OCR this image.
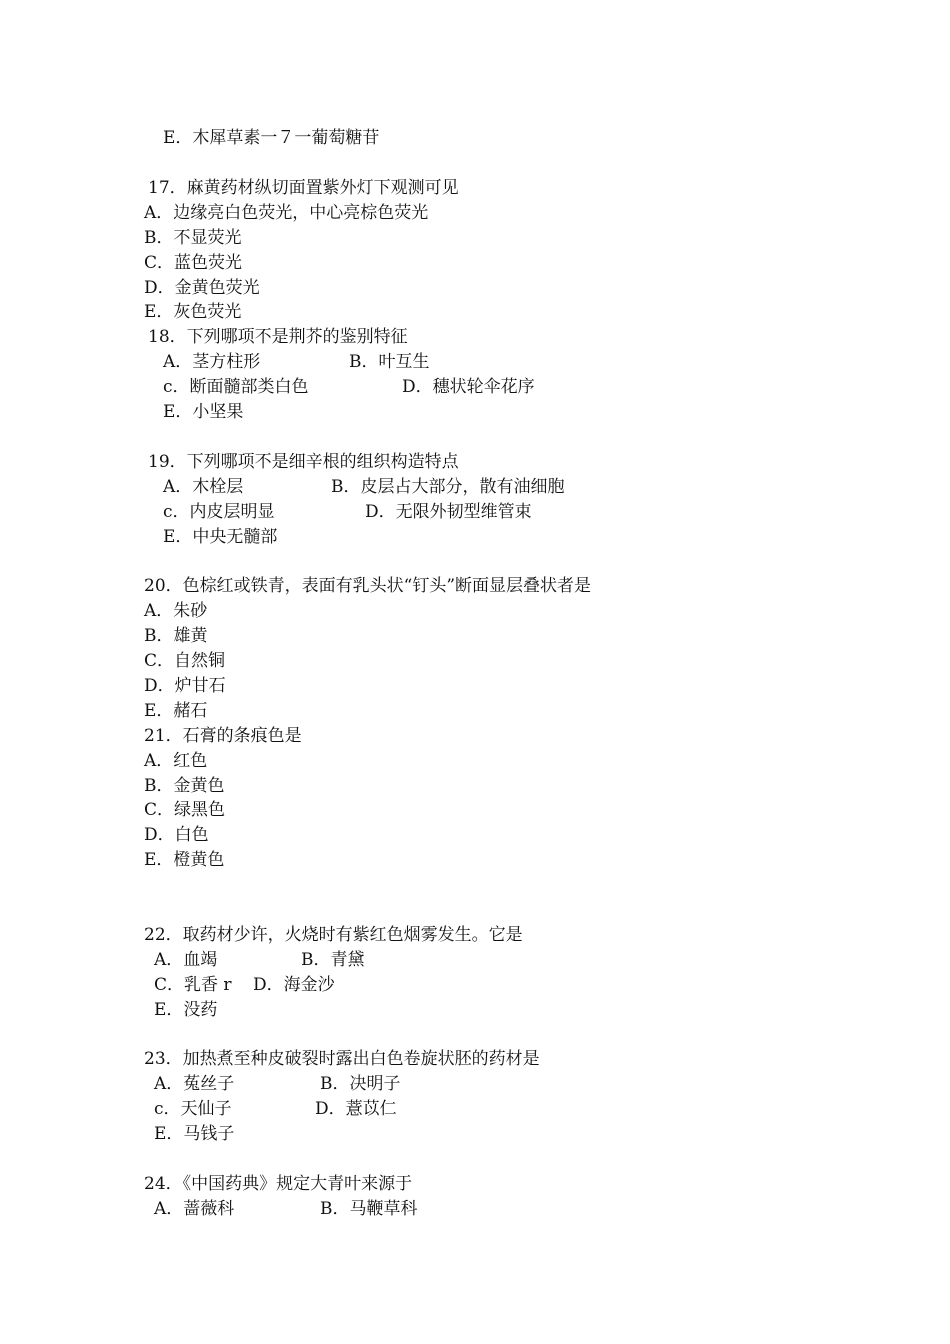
E．木犀草素一７一葡萄糖苷
17．麻黄药材纵切面置紫外灯下观测可见
A．边缘亮白色荧光，中心亮棕色荧光
B．不显荧光
C．蓝色荧光
D．金黄色荧光
E．灰色荧光
18．下列哪项不是荆芥的鉴别特征
A．茎方柱形	B．叶互生
c．断面髓部类白色	D．穗状轮伞花序
E．小坚果
19．下列哪项不是细辛根的组织构造特点
A．木栓层	B．皮层占大部分，散有油细胞
c．内皮层明显	D．无限外韧型维管束
E．中央无髓部
20．色棕红或铁青，表面有乳头状“钉头”断面显层叠状者是
A．朱砂
B．雄黄
C．自然铜
D．炉甘石
E．赭石
21．石膏的条痕色是
A．红色
B．金黄色
C．绿黑色
D．白色
E．橙黄色
22．取药材少许，火烧时有紫红色烟雾发生。它是
A．血竭	B．青黛
C．乳香 r D．海金沙
E．没药
23．加热煮至种皮破裂时露出白色卷旋状胚的药材是
A．菟丝子	B．决明子
c．天仙子	D．薏苡仁
E．马钱子
24．《中国药典》规定大青叶来源于
A．蔷薇科	B．马鞭草科
